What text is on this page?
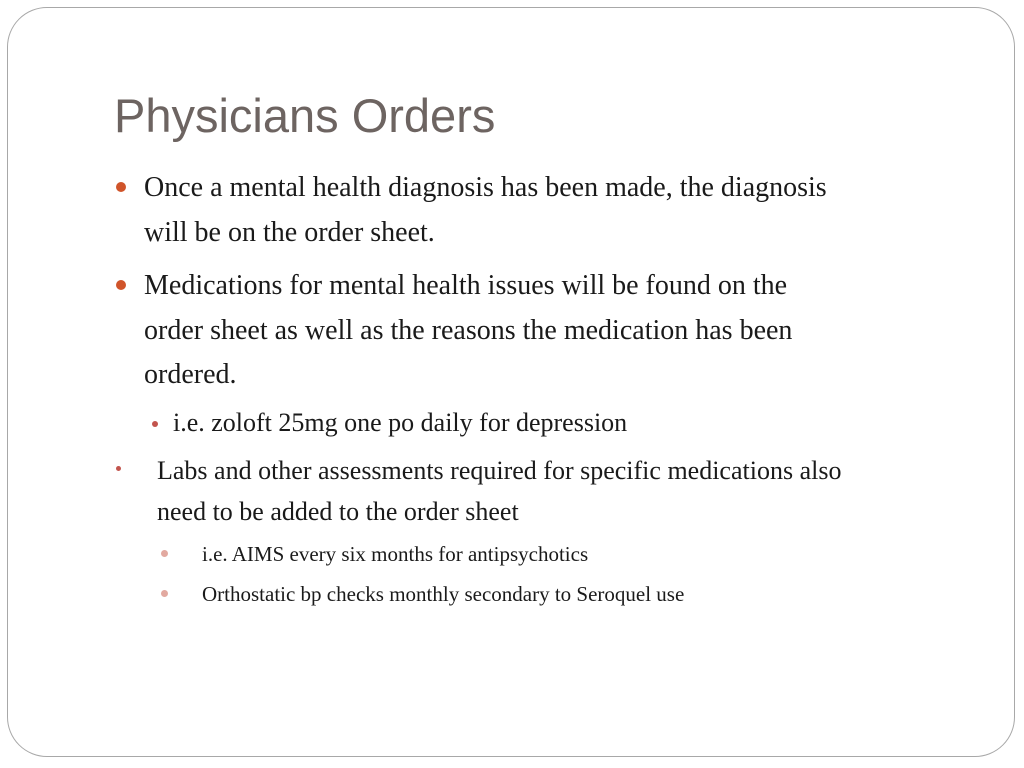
Physicians Orders
Once a mental health diagnosis has been made, the diagnosis
will be on the order sheet.
Medications for mental health issues will be found on the
order sheet as well as the reasons the medication has been
ordered.
i.e. zoloft 25mg one po daily for depression
Labs and other assessments required for specific medications also
need to be added to the order sheet
i.e. AIMS every six months for antipsychotics
Orthostatic bp checks monthly secondary to Seroquel use
